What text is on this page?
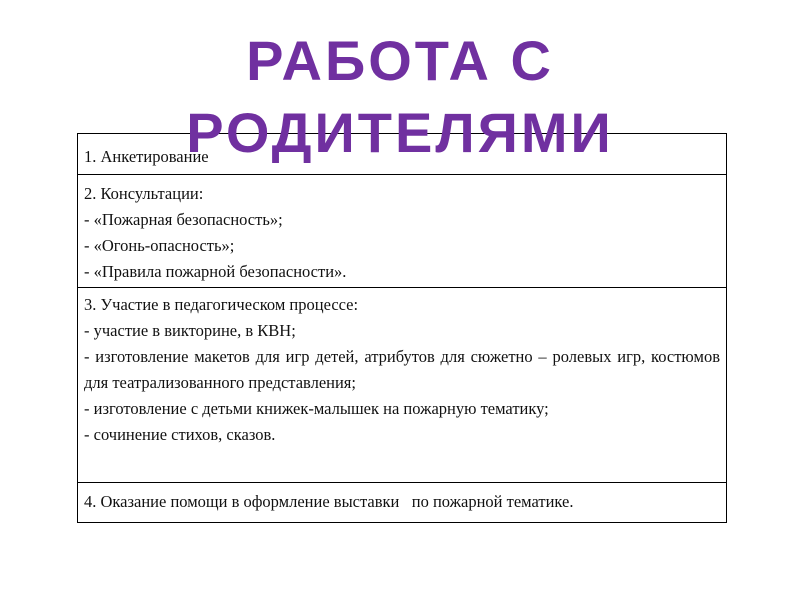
1. Анкетирование
2. Консультации:
- «Пожарная безопасность»;
- «Огонь-опасность»;
- «Правила пожарной безопасности».
3. Участие в педагогическом процессе:
- участие в викторине, в КВН;
- изготовление макетов для игр детей, атрибутов для сюжетно – ролевых игр, костюмов для театрализованного представления;
- изготовление с детьми книжек-малышек на пожарную тематику;
- сочинение стихов, сказов.
4. Оказание помощи в оформление выставки   по пожарной тематике.
РАБОТА С
РОДИТЕЛЯМИ
